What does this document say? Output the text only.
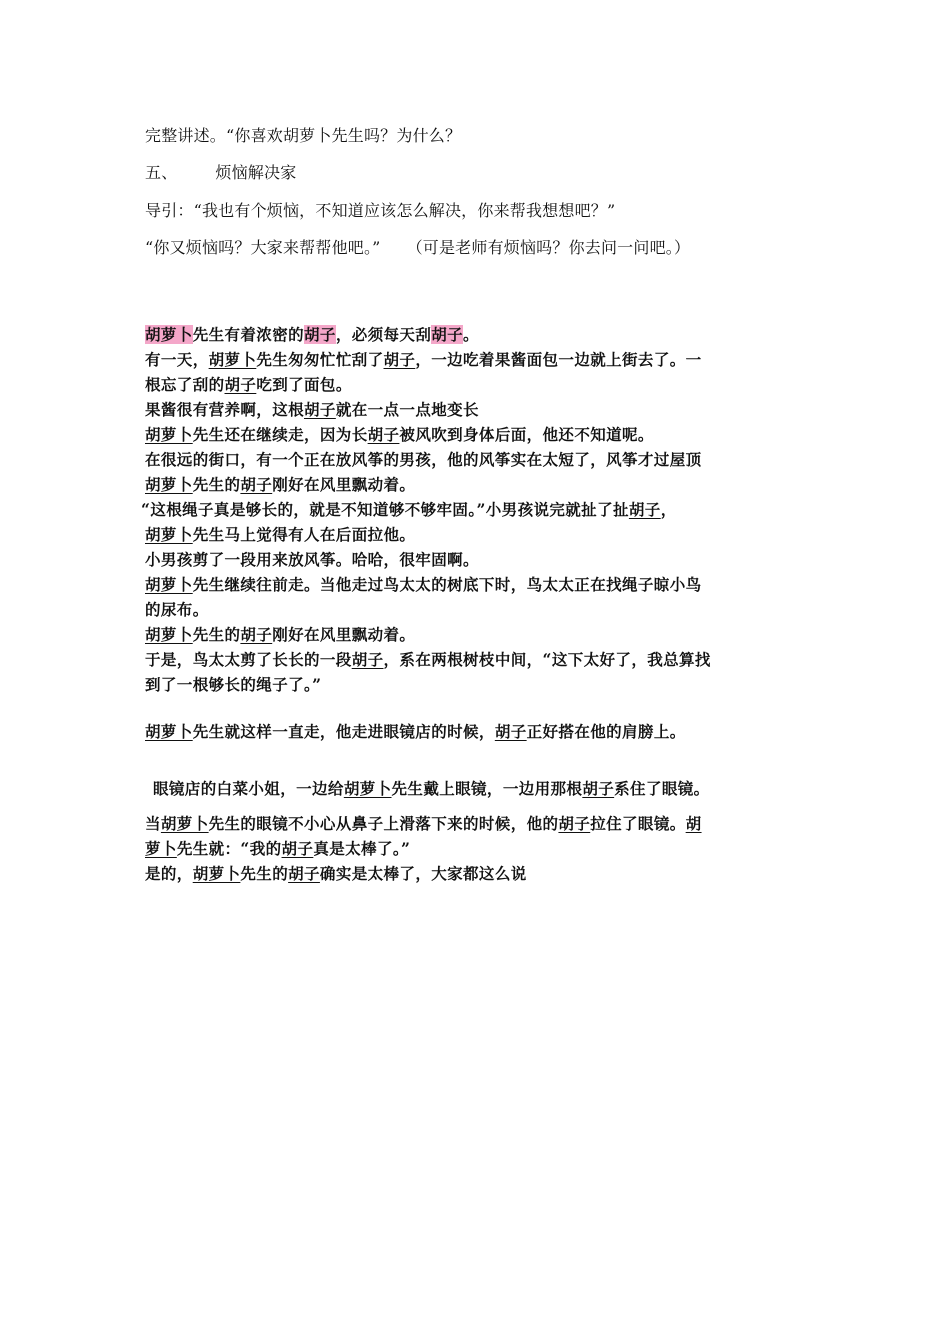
完整讲述。“你喜欢胡萝卜先生吗？为什么？
五、 烦恼解决家
导引：“我也有个烦恼，不知道应该怎么解决，你来帮我想想吧？”
“你又烦恼吗？大家来帮帮他吧。” （可是老师有烦恼吗？你去问一问吧。）
胡萝卜先生有着浓密的胡子，必须每天刮胡子。
有一天，胡萝卜先生匆匆忙忙刮了胡子，一边吃着果酱面包一边就上街去了。一
根忘了刮的胡子吃到了面包。
果酱很有营养啊，这根胡子就在一点一点地变长
胡萝卜先生还在继续走，因为长胡子被风吹到身体后面，他还不知道呢。
在很远的街口，有一个正在放风筝的男孩，他的风筝实在太短了，风筝才过屋顶
胡萝卜先生的胡子刚好在风里飘动着。
“这根绳子真是够长的，就是不知道够不够牢固。”小男孩说完就扯了扯胡子，
胡萝卜先生马上觉得有人在后面拉他。
小男孩剪了一段用来放风筝。哈哈，很牢固啊。
胡萝卜先生继续往前走。当他走过鸟太太的树底下时，鸟太太正在找绳子晾小鸟
的尿布。
胡萝卜先生的胡子刚好在风里飘动着。
于是，鸟太太剪了长长的一段胡子，系在两根树枝中间，“这下太好了，我总算找
到了一根够长的绳子了。”
胡萝卜先生就这样一直走，他走进眼镜店的时候，胡子正好搭在他的肩膀上。
眼镜店的白菜小姐，一边给胡萝卜先生戴上眼镜，一边用那根胡子系住了眼镜。
当胡萝卜先生的眼镜不小心从鼻子上滑落下来的时候，他的胡子拉住了眼镜。胡
萝卜先生就：“我的胡子真是太棒了。”
是的，胡萝卜先生的胡子确实是太棒了，大家都这么说
